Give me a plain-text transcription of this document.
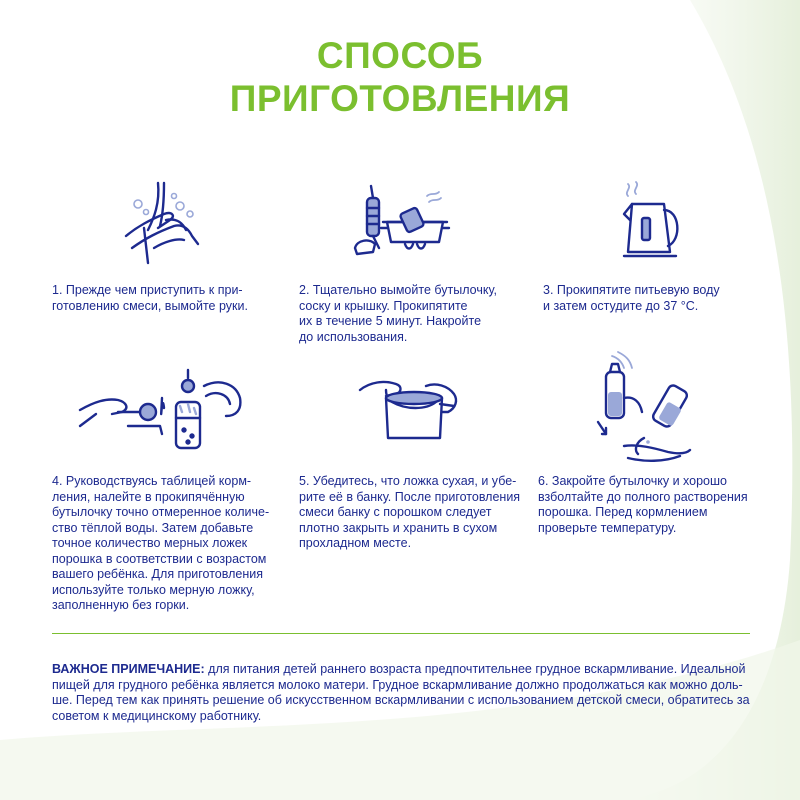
СПОСОБ
ПРИГОТОВЛЕНИЯ
1. Прежде чем приступить к при-
готовлению смеси, вымойте руки.
2. Тщательно вымойте бутылочку,
соску и крышку. Прокипятите
их в течение 5 минут. Накройте
до использования.
3. Прокипятите питьевую воду
и затем остудите до 37 °C.
4. Руководствуясь таблицей корм-
ления, налейте в прокипячённую
бутылочку точно отмеренное количе-
ство тёплой воды. Затем добавьте
точное количество мерных ложек
порошка в соответствии с возрастом
вашего ребёнка. Для приготовления
используйте только мерную ложку,
заполненную без горки.
5. Убедитесь, что ложка сухая, и убе-
рите её в банку. После приготовления
смеси банку с порошком следует
плотно закрыть и хранить в сухом
прохладном месте.
6. Закройте бутылочку и хорошо
взболтайте до полного растворения
порошка. Перед кормлением
проверьте температуру.
ВАЖНОЕ ПРИМЕЧАНИЕ: для питания детей раннего возраста предпочтительнее грудное вскармливание. Идеальной пищей для грудного ребёнка является молоко матери. Грудное вскармливание должно продолжаться как можно доль- ше. Перед тем как принять решение об искусственном вскармливании с использованием детской смеси, обратитесь за советом к медицинскому работнику.
